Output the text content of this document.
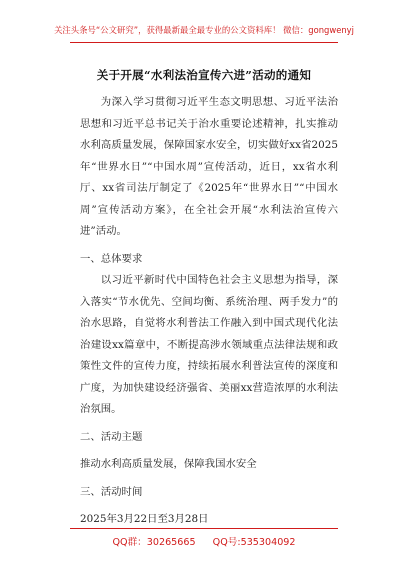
关注头条号“公文研究”，获得最新最全最专业的公文资料库！ 微信：gongwenyj
关于开展“水利法治宣传六进”活动的通知

为深入学习贯彻习近平生态文明思想、习近平法治思想和习近平总书记关于治水重要论述精神，扎实推动水利高质量发展，保障国家水安全，切实做好xx省2025年“世界水日”“中国水周”宣传活动，近日，xx省水利厅、xx省司法厅制定了《2025年“世界水日”“中国水周”宣传活动方案》，在全社会开展“水利法治宣传六进”活动。

一、总体要求

以习近平新时代中国特色社会主义思想为指导，深入落实“节水优先、空间均衡、系统治理、两手发力”的治水思路，自觉将水利普法工作融入到中国式现代化法治建设xx篇章中，不断提高涉水领域重点法律法规和政策性文件的宣传力度，持续拓展水利普法宣传的深度和广度，为加快建设经济强省、美丽xx营造浓厚的水利法治氛围。

二、活动主题

推动水利高质量发展，保障我国水安全

三、活动时间

2025年3月22日至3月28日

QQ群：30265665 QQ号:535304092
